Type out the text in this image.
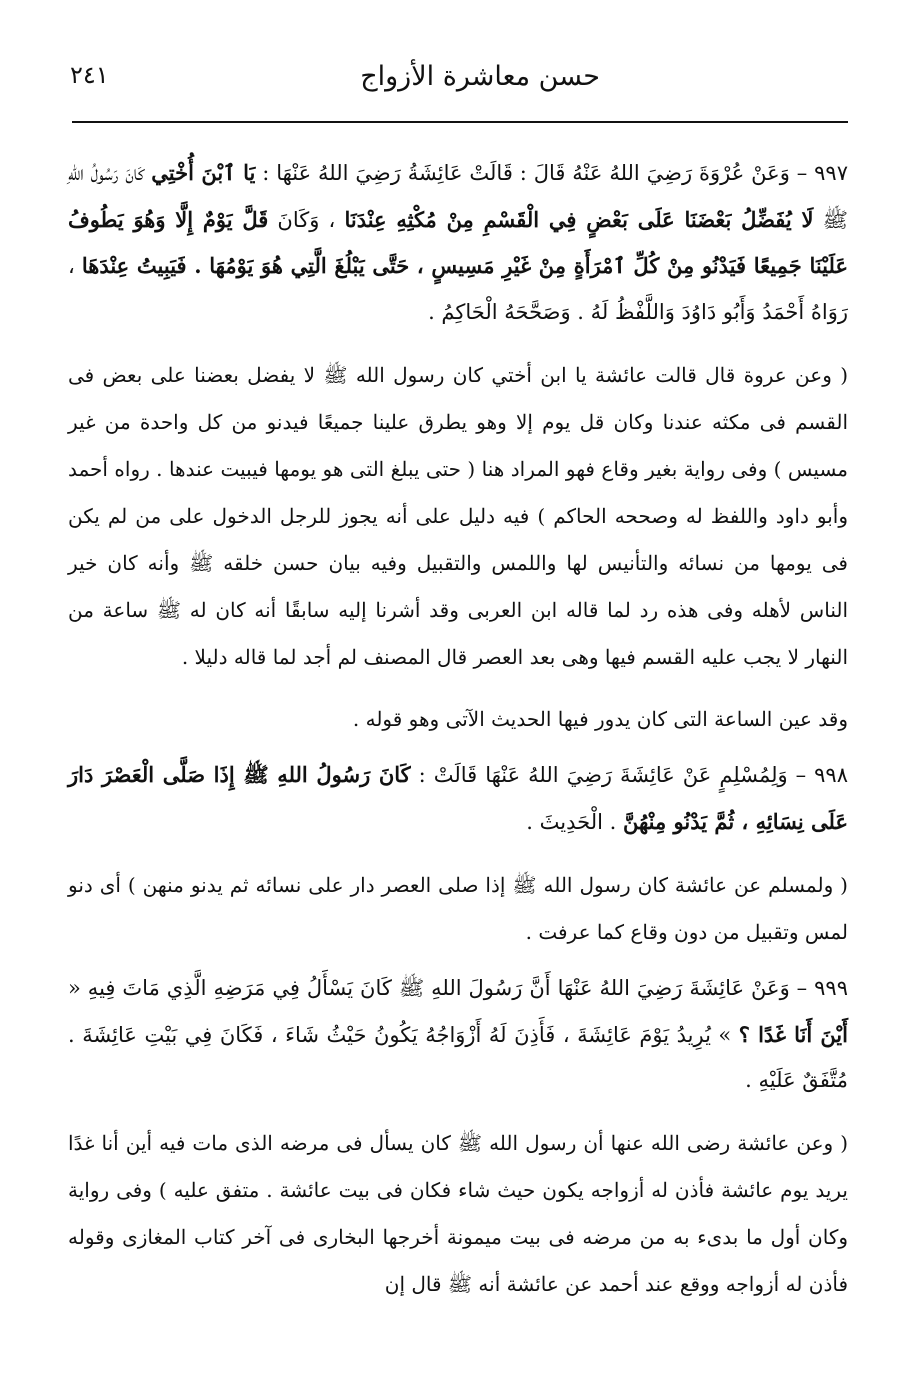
حسن معاشرة الأزواج
٢٤١
٩٩٧ – وَعَنْ عُرْوَةَ رَضِيَ اللهُ عَنْهُ قَالَ : قَالَتْ عَائِشَةُ رَضِيَ اللهُ عَنْهَا : يَا ٱبْنَ أُخْتِي كَانَ رَسُولُ اللهِ ﷺ لَا يُفَضِّلُ بَعْضَنَا عَلَى بَعْضٍ فِي الْقَسْمِ مِنْ مُكْثِهِ عِنْدَنَا ، وَكَانَ قَلَّ يَوْمٌ إِلَّا وَهُوَ يَطُوفُ عَلَيْنَا جَمِيعًا فَيَدْنُو مِنْ كُلِّ ٱمْرَأَةٍ مِنْ غَيْرِ مَسِيسٍ ، حَتَّى يَبْلُغَ الَّتِي هُوَ يَوْمُهَا . فَيَبِيتُ عِنْدَهَا ، رَوَاهُ أَحْمَدُ وَأَبُو دَاوُدَ وَاللَّفْظُ لَهُ . وَصَحَّحَهُ الْحَاكِمُ .
( وعن عروة قال قالت عائشة يا ابن أختي كان رسول الله ﷺ لا يفضل بعضنا على بعض فى القسم فى مكثه عندنا وكان قل يوم إلا وهو يطرق علينا جميعًا فيدنو من كل واحدة من غير مسيس ) وفى رواية بغير وقاع فهو المراد هنا ( حتى يبلغ التى هو يومها فيبيت عندها . رواه أحمد وأبو داود واللفظ له وصححه الحاكم ) فيه دليل على أنه يجوز للرجل الدخول على من لم يكن فى يومها من نسائه والتأنيس لها واللمس والتقبيل وفيه بيان حسن خلقه ﷺ وأنه كان خير الناس لأهله وفى هذه رد لما قاله ابن العربى وقد أشرنا إليه سابقًا أنه كان له ﷺ ساعة من النهار لا يجب عليه القسم فيها وهى بعد العصر قال المصنف لم أجد لما قاله دليلا .
وقد عين الساعة التى كان يدور فيها الحديث الآتى وهو قوله .
٩٩٨ – وَلِمُسْلِمٍ عَنْ عَائِشَةَ رَضِيَ اللهُ عَنْهَا قَالَتْ : كَانَ رَسُولُ اللهِ ﷺ إِذَا صَلَّى الْعَصْرَ دَارَ عَلَى نِسَائِهِ ، ثُمَّ يَدْنُو مِنْهُنَّ . الْحَدِيثَ .
( ولمسلم عن عائشة كان رسول الله ﷺ إذا صلى العصر دار على نسائه ثم يدنو منهن ) أى دنو لمس وتقبيل من دون وقاع كما عرفت .
٩٩٩ – وَعَنْ عَائِشَةَ رَضِيَ اللهُ عَنْهَا أَنَّ رَسُولَ اللهِ ﷺ كَانَ يَسْأَلُ فِي مَرَضِهِ الَّذِي مَاتَ فِيهِ « أَيْنَ أَنَا غَدًا ؟ » يُرِيدُ يَوْمَ عَائِشَةَ ، فَأَذِنَ لَهُ أَزْوَاجُهُ يَكُونُ حَيْثُ شَاءَ ، فَكَانَ فِي بَيْتِ عَائِشَةَ . مُتَّفَقٌ عَلَيْهِ .
( وعن عائشة رضى الله عنها أن رسول الله ﷺ كان يسأل فى مرضه الذى مات فيه أين أنا غدًا يريد يوم عائشة فأذن له أزواجه يكون حيث شاء فكان فى بيت عائشة . متفق عليه ) وفى رواية وكان أول ما بدىء به من مرضه فى بيت ميمونة أخرجها البخارى فى آخر كتاب المغازى وقوله فأذن له أزواجه ووقع عند أحمد عن عائشة أنه ﷺ قال إن
